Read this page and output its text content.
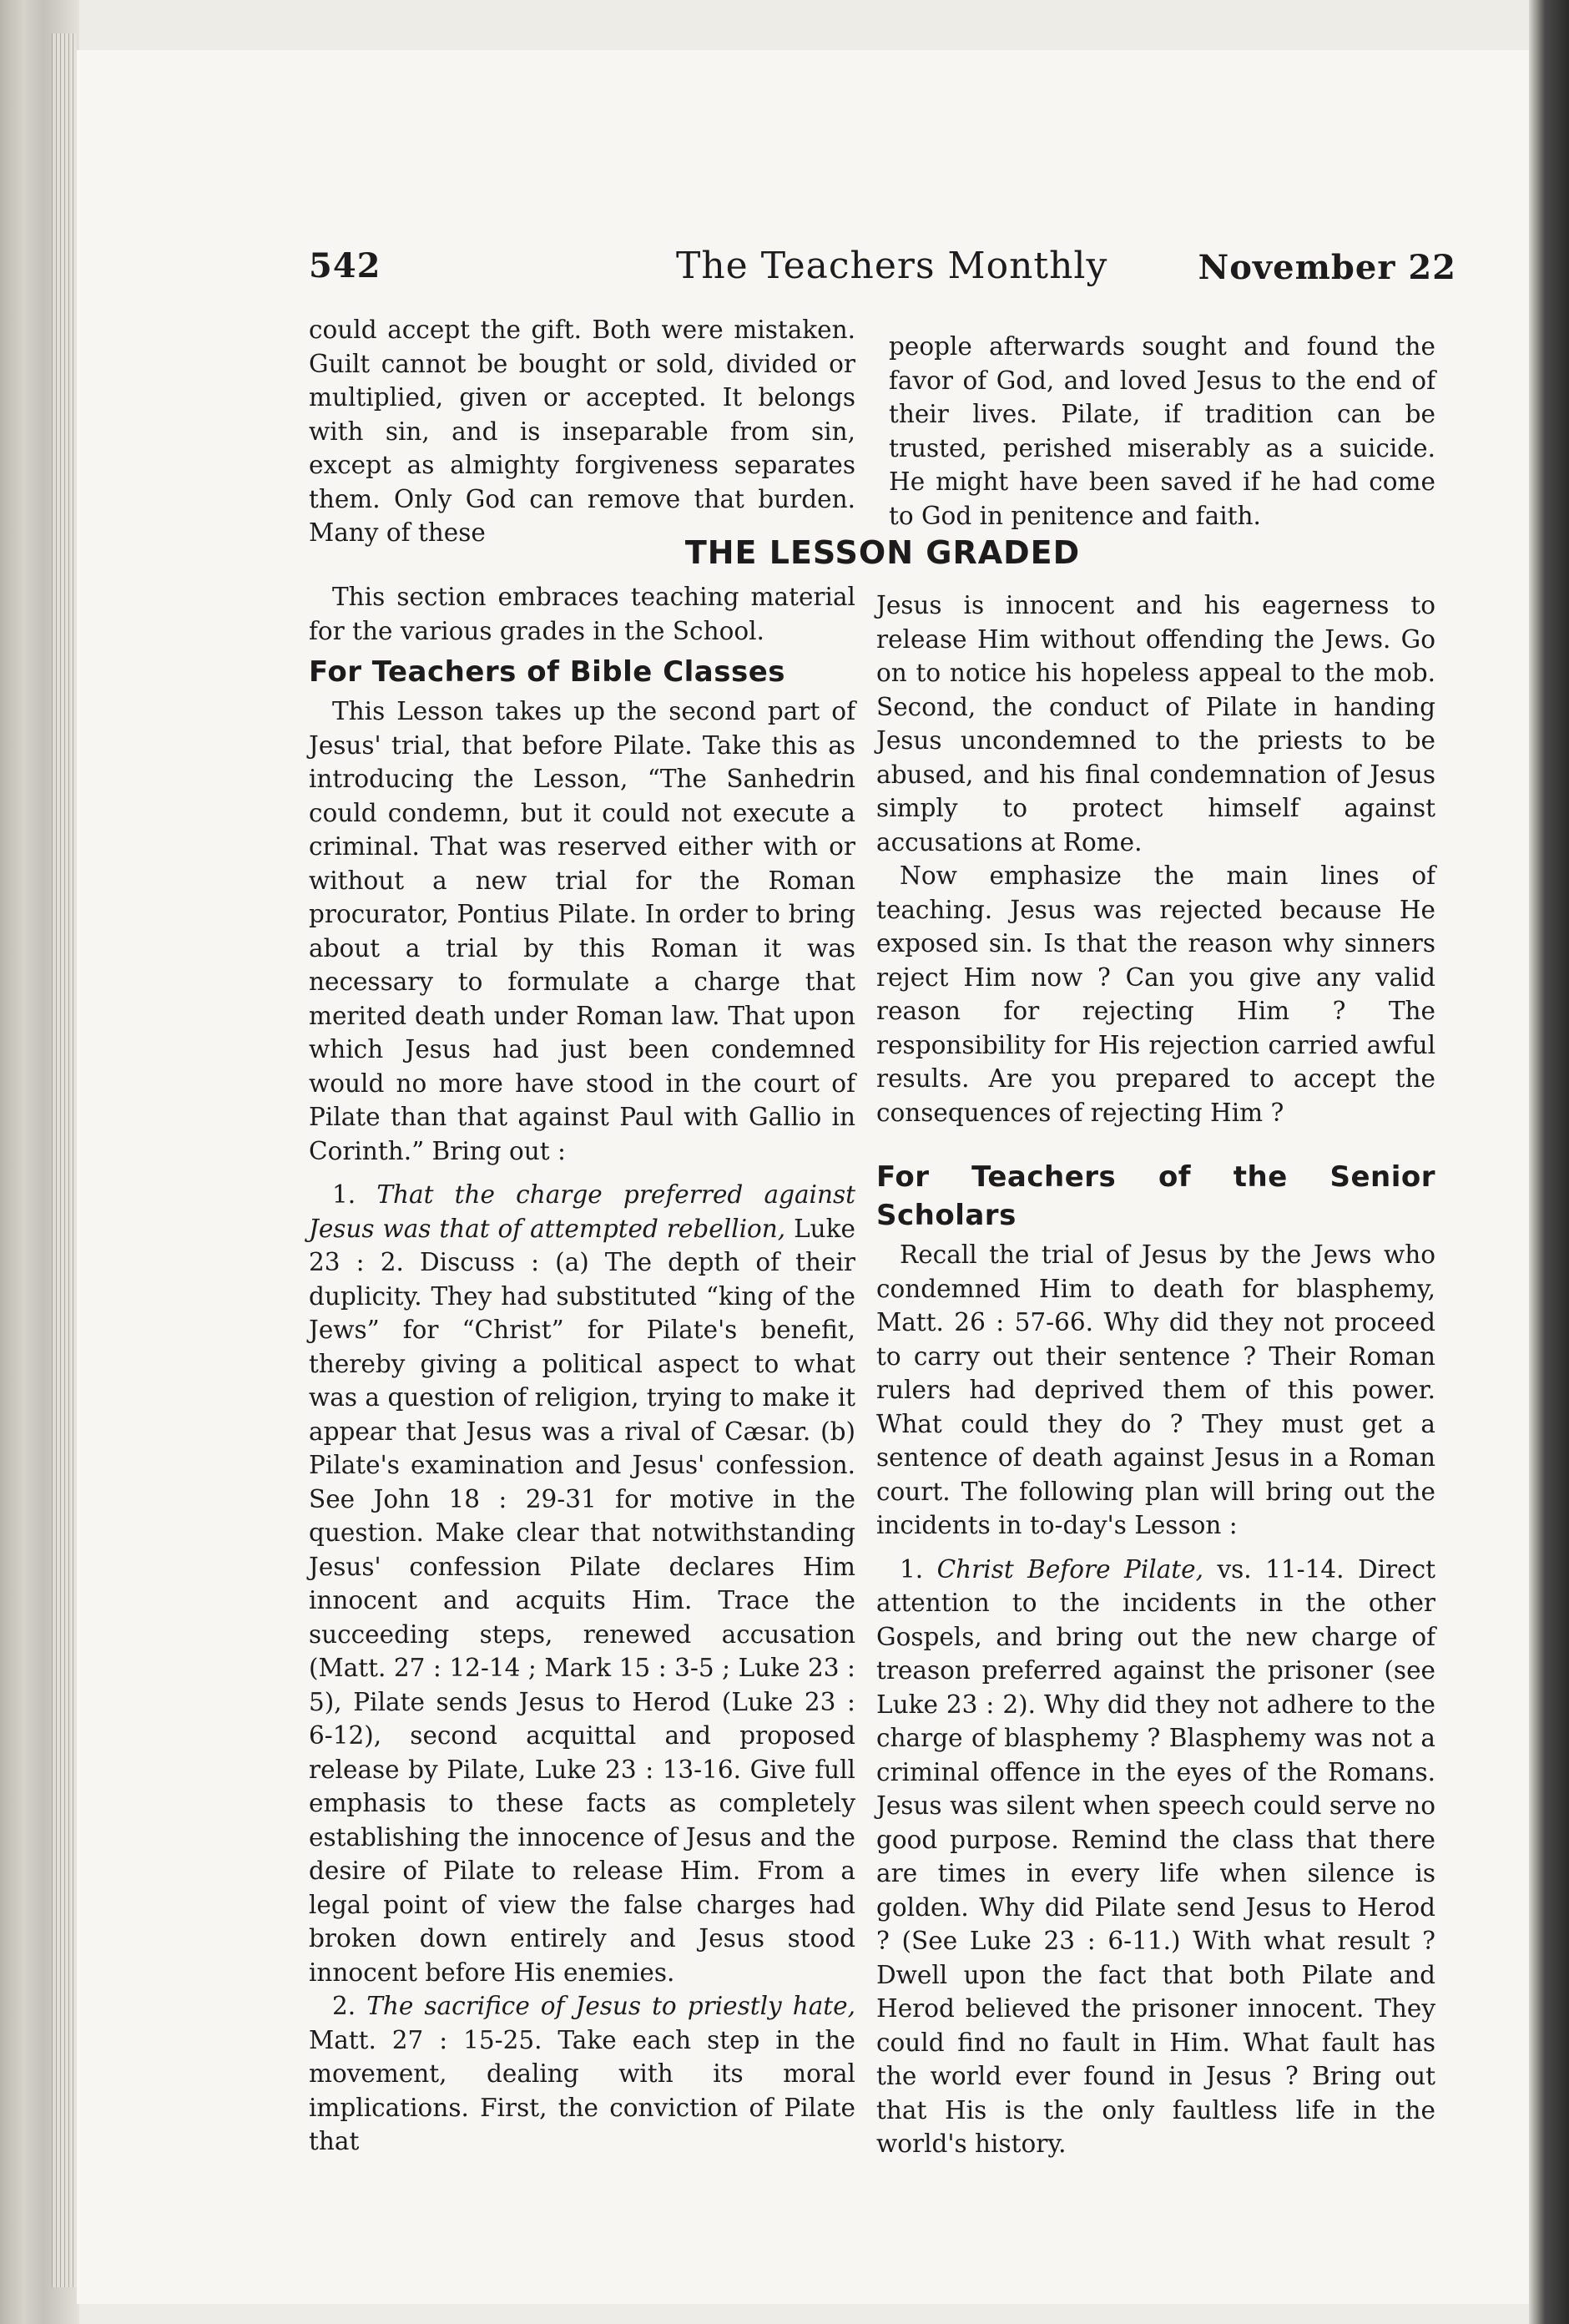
542	The Teachers Monthly	November 22

could accept the gift. Both were mistaken. Guilt cannot be bought or sold, divided or multiplied, given or accepted. It belongs with sin, and is inseparable from sin, except as almighty forgiveness separates them. Only God can remove that burden. Many of these

people afterwards sought and found the favor of God, and loved Jesus to the end of their lives. Pilate, if tradition can be trusted, perished miserably as a suicide. He might have been saved if he had come to God in penitence and faith.

THE LESSON GRADED

This section embraces teaching material for the various grades in the School.

For Teachers of Bible Classes

This Lesson takes up the second part of Jesus' trial, that before Pilate. Take this as introducing the Lesson, “The Sanhedrin could condemn, but it could not execute a criminal. That was reserved either with or without a new trial for the Roman procurator, Pontius Pilate. In order to bring about a trial by this Roman it was necessary to formulate a charge that merited death under Roman law. That upon which Jesus had just been condemned would no more have stood in the court of Pilate than that against Paul with Gallio in Corinth.” Bring out :

1. That the charge preferred against Jesus was that of attempted rebellion, Luke 23 : 2. Discuss : (a) The depth of their duplicity. They had substituted “king of the Jews” for “Christ” for Pilate's benefit, thereby giving a political aspect to what was a question of religion, trying to make it appear that Jesus was a rival of Cæsar. (b) Pilate's examination and Jesus' confession. See John 18 : 29-31 for motive in the question. Make clear that notwithstanding Jesus' confession Pilate declares Him innocent and acquits Him. Trace the succeeding steps, renewed accusation (Matt. 27 : 12-14 ; Mark 15 : 3-5 ; Luke 23 : 5), Pilate sends Jesus to Herod (Luke 23 : 6-12), second acquittal and proposed release by Pilate, Luke 23 : 13-16. Give full emphasis to these facts as completely establishing the innocence of Jesus and the desire of Pilate to release Him. From a legal point of view the false charges had broken down entirely and Jesus stood innocent before His enemies.

2. The sacrifice of Jesus to priestly hate, Matt. 27 : 15-25. Take each step in the movement, dealing with its moral implications. First, the conviction of Pilate that

Jesus is innocent and his eagerness to release Him without offending the Jews. Go on to notice his hopeless appeal to the mob. Second, the conduct of Pilate in handing Jesus uncondemned to the priests to be abused, and his final condemnation of Jesus simply to protect himself against accusations at Rome.

Now emphasize the main lines of teaching. Jesus was rejected because He exposed sin. Is that the reason why sinners reject Him now ? Can you give any valid reason for rejecting Him ? The responsibility for His rejection carried awful results. Are you prepared to accept the consequences of rejecting Him ?

For Teachers of the Senior Scholars

Recall the trial of Jesus by the Jews who condemned Him to death for blasphemy, Matt. 26 : 57-66. Why did they not proceed to carry out their sentence ? Their Roman rulers had deprived them of this power. What could they do ? They must get a sentence of death against Jesus in a Roman court. The following plan will bring out the incidents in to-day's Lesson :

1. Christ Before Pilate, vs. 11-14. Direct attention to the incidents in the other Gospels, and bring out the new charge of treason preferred against the prisoner (see Luke 23 : 2). Why did they not adhere to the charge of blasphemy ? Blasphemy was not a criminal offence in the eyes of the Romans. Jesus was silent when speech could serve no good purpose. Remind the class that there are times in every life when silence is golden. Why did Pilate send Jesus to Herod ? (See Luke 23 : 6-11.) With what result ? Dwell upon the fact that both Pilate and Herod believed the prisoner innocent. They could find no fault in Him. What fault has the world ever found in Jesus ? Bring out that His is the only faultless life in the world's history.
